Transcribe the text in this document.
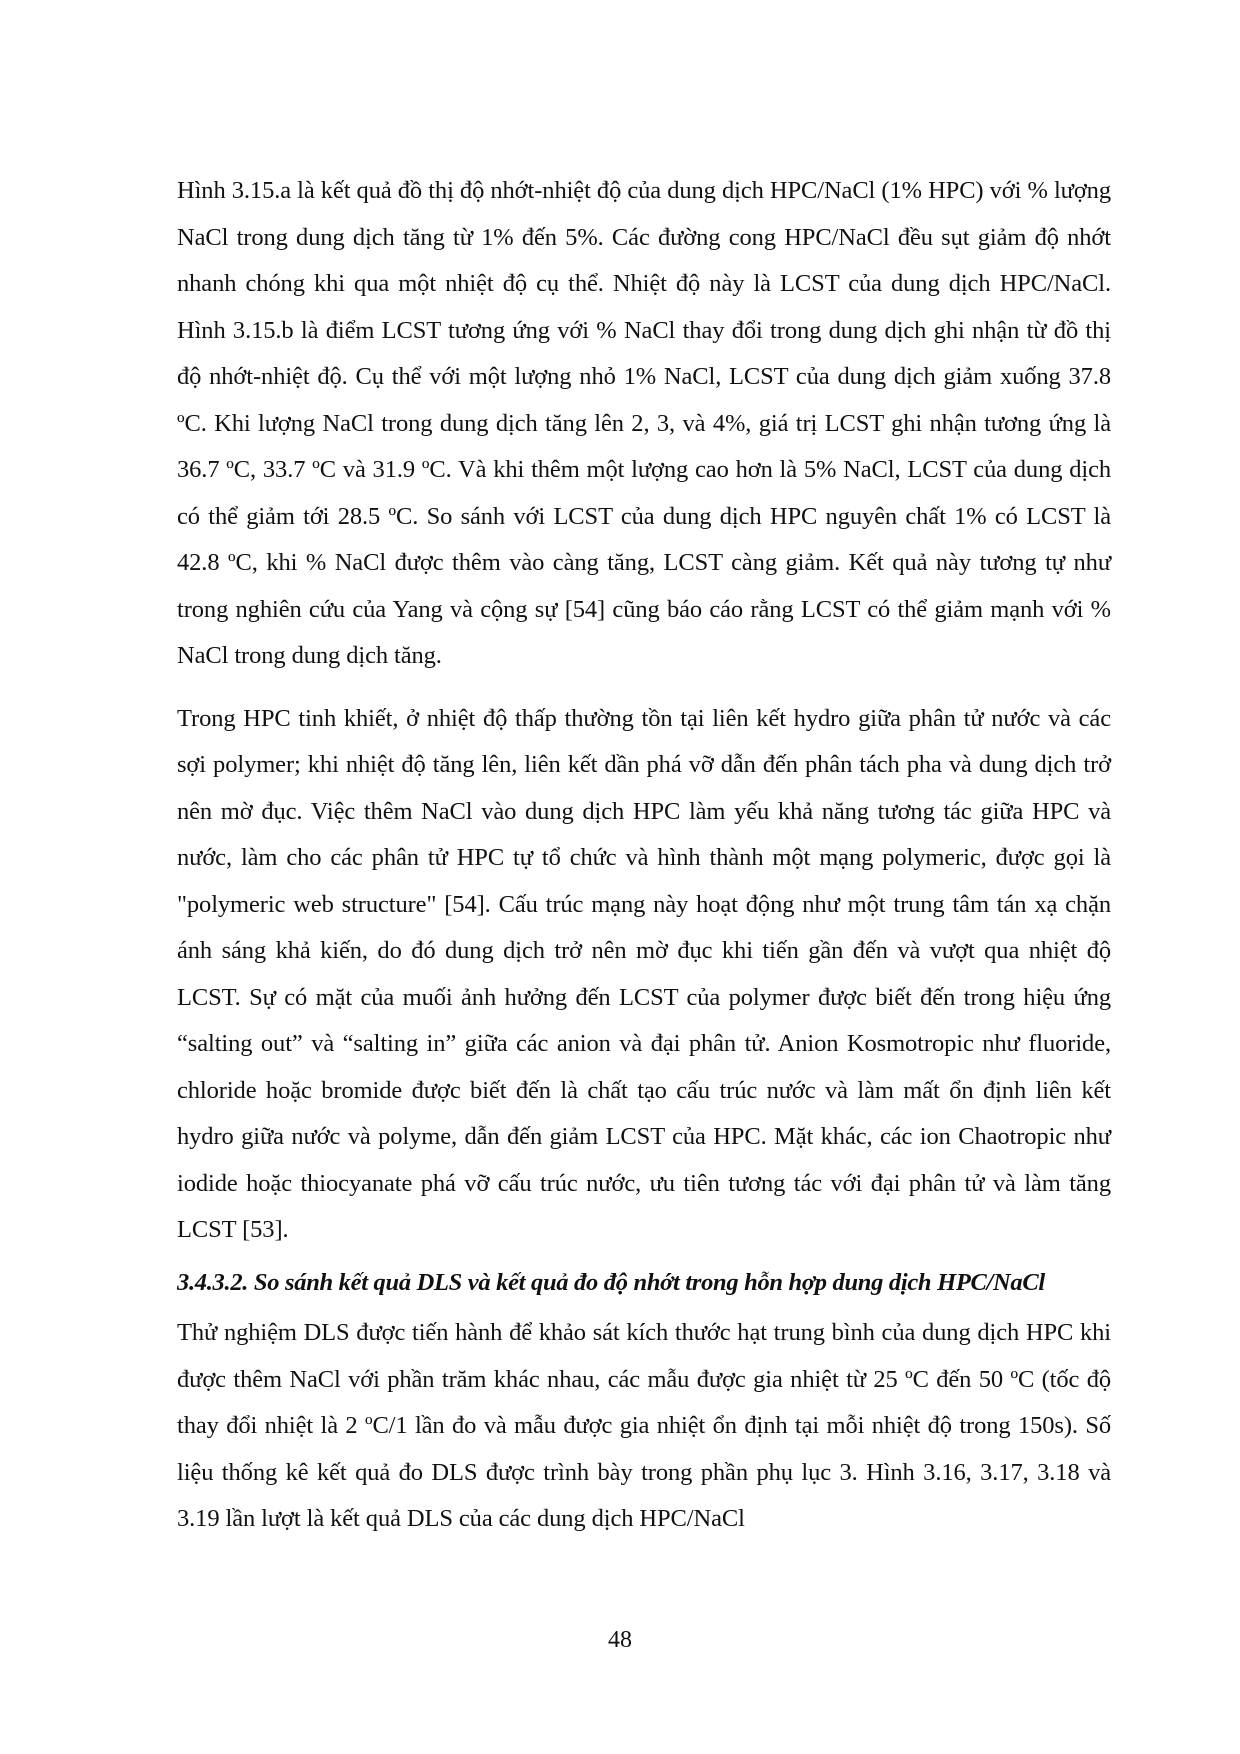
Hình 3.15.a là kết quả đồ thị độ nhớt-nhiệt độ của dung dịch HPC/NaCl (1% HPC) với % lượng NaCl trong dung dịch tăng từ 1% đến 5%. Các đường cong HPC/NaCl đều sụt giảm độ nhớt nhanh chóng khi qua một nhiệt độ cụ thể. Nhiệt độ này là LCST của dung dịch HPC/NaCl. Hình 3.15.b là điểm LCST tương ứng với % NaCl thay đổi trong dung dịch ghi nhận từ đồ thị độ nhớt-nhiệt độ. Cụ thể với một lượng nhỏ 1% NaCl, LCST của dung dịch giảm xuống 37.8 ºC. Khi lượng NaCl trong dung dịch tăng lên 2, 3, và 4%, giá trị LCST ghi nhận tương ứng là 36.7 ºC, 33.7 ºC và 31.9 ºC. Và khi thêm một lượng cao hơn là 5% NaCl, LCST của dung dịch có thể giảm tới 28.5 ºC. So sánh với LCST của dung dịch HPC nguyên chất 1% có LCST là 42.8 ºC, khi % NaCl được thêm vào càng tăng, LCST càng giảm. Kết quả này tương tự như trong nghiên cứu của Yang và cộng sự [54] cũng báo cáo rằng LCST có thể giảm mạnh với % NaCl trong dung dịch tăng.

Trong HPC tinh khiết, ở nhiệt độ thấp thường tồn tại liên kết hydro giữa phân tử nước và các sợi polymer; khi nhiệt độ tăng lên, liên kết dần phá vỡ dẫn đến phân tách pha và dung dịch trở nên mờ đục. Việc thêm NaCl vào dung dịch HPC làm yếu khả năng tương tác giữa HPC và nước, làm cho các phân tử HPC tự tổ chức và hình thành một mạng polymeric, được gọi là "polymeric web structure" [54]. Cấu trúc mạng này hoạt động như một trung tâm tán xạ chặn ánh sáng khả kiến, do đó dung dịch trở nên mờ đục khi tiến gần đến và vượt qua nhiệt độ LCST. Sự có mặt của muối ảnh hưởng đến LCST của polymer được biết đến trong hiệu ứng “salting out” và “salting in” giữa các anion và đại phân tử. Anion Kosmotropic như fluoride, chloride hoặc bromide được biết đến là chất tạo cấu trúc nước và làm mất ổn định liên kết hydro giữa nước và polyme, dẫn đến giảm LCST của HPC. Mặt khác, các ion Chaotropic như iodide hoặc thiocyanate phá vỡ cấu trúc nước, ưu tiên tương tác với đại phân tử và làm tăng LCST [53].

3.4.3.2. So sánh kết quả DLS và kết quả đo độ nhớt trong hỗn hợp dung dịch HPC/NaCl

Thử nghiệm DLS được tiến hành để khảo sát kích thước hạt trung bình của dung dịch HPC khi được thêm NaCl với phần trăm khác nhau, các mẫu được gia nhiệt từ 25 ºC đến 50 ºC (tốc độ thay đổi nhiệt là 2 ºC/1 lần đo và mẫu được gia nhiệt ổn định tại mỗi nhiệt độ trong 150s). Số liệu thống kê kết quả đo DLS được trình bày trong phần phụ lục 3. Hình 3.16, 3.17, 3.18 và 3.19 lần lượt là kết quả DLS của các dung dịch HPC/NaCl

48
